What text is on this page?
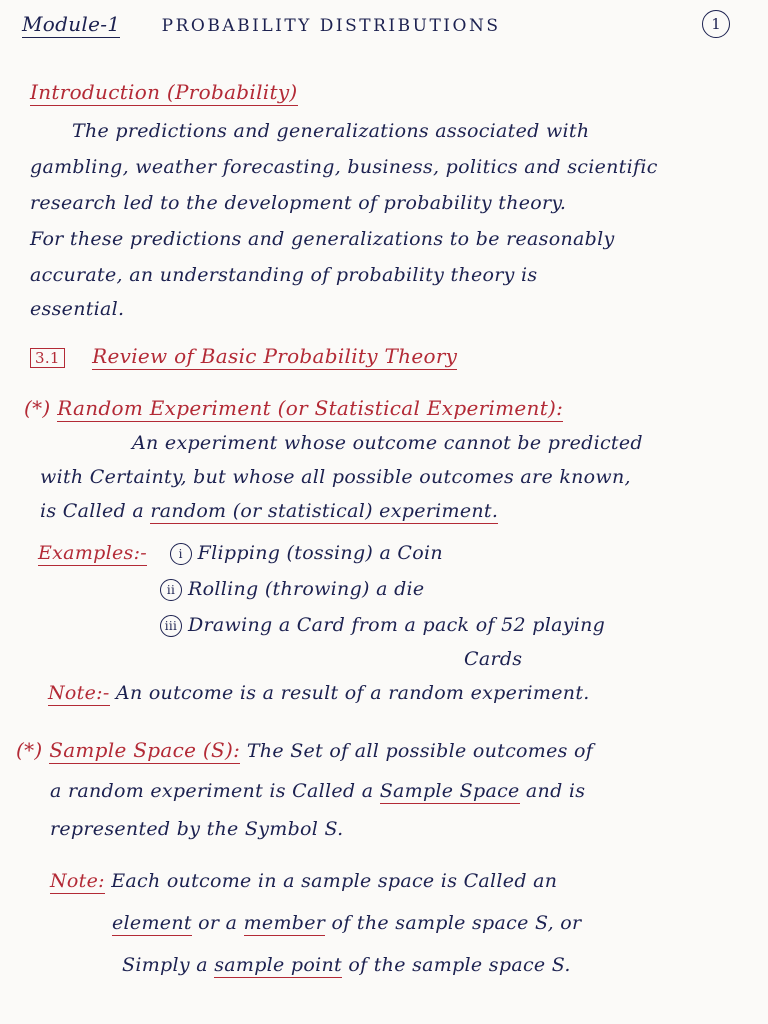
Module-1 PROBABILITY DISTRIBUTIONS	1
Introduction (Probability)
The predictions and generalizations associated with
gambling, weather forecasting, business, politics and scientific
research led to the development of probability theory.
For these predictions and generalizations to be reasonably
accurate, an understanding of probability theory is
essential.
3.1 Review of Basic Probability Theory
(*) Random Experiment (or Statistical Experiment):
An experiment whose outcome cannot be predicted
with Certainty, but whose all possible outcomes are known,
is Called a random (or statistical) experiment.
Examples:-	i Flipping (tossing) a Coin
ii Rolling (throwing) a die
iii Drawing a Card from a pack of 52 playing
Cards
Note:- An outcome is a result of a random experiment.
(*) Sample Space (S): The Set of all possible outcomes of
a random experiment is Called a Sample Space and is
represented by the Symbol S.
Note: Each outcome in a sample space is Called an
element or a member of the sample space S, or
Simply a sample point of the sample space S.
